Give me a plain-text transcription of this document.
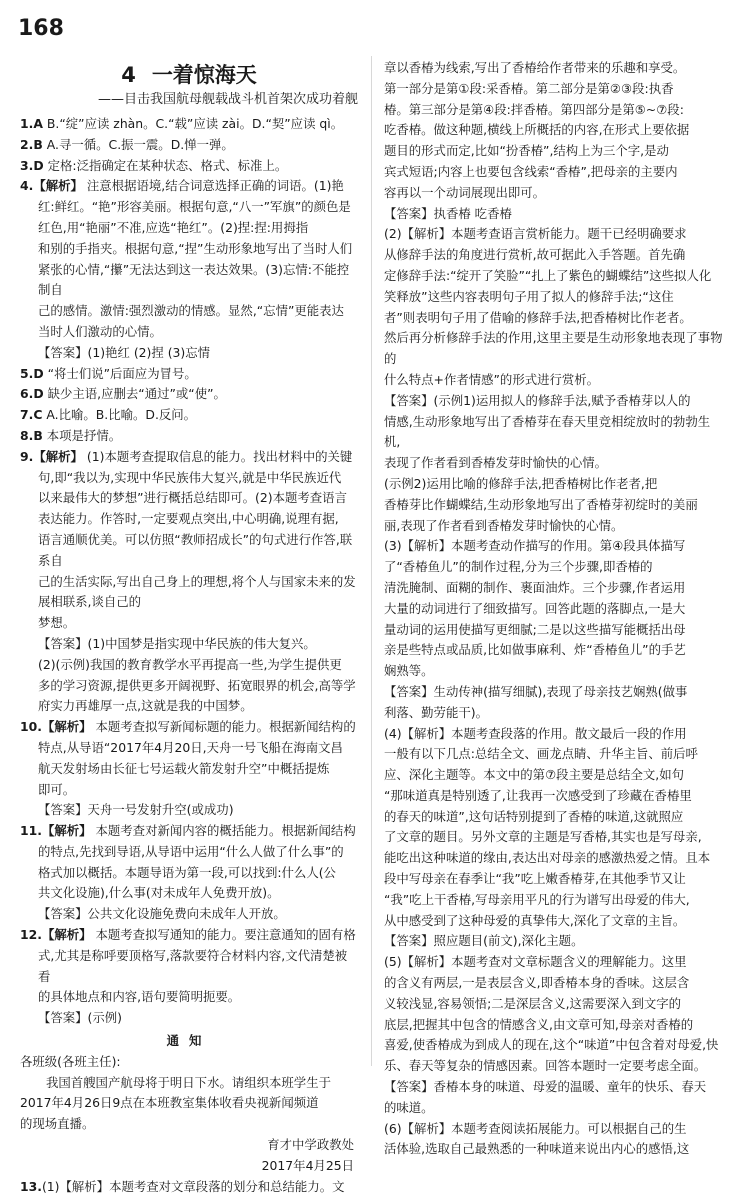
168
4 一着惊海天
——目击我国航母舰载战斗机首架次成功着舰
1.A B.“绽”应读 zhàn。C.“载”应读 zài。D.“契”应读 qì。
2.B A.寻一循。C.振一震。D.惮一弹。
3.D 定格:泛指确定在某种状态、格式、标准上。
4.【解析】 注意根据语境,结合词意选择正确的词语。(1)艳
红:鲜红。“艳”形容美丽。根据句意,“八一”军旗”的颜色是
红色,用“艳丽”不准,应选“艳红”。(2)捏:捏:用拇指
和别的手指夹。根据句意,“捏”生动形象地写出了当时人们
紧张的心情,“攥”无法达到这一表达效果。(3)忘情:不能控制自
己的感情。激情:强烈激动的情感。显然,“忘情”更能表达
当时人们激动的心情。
【答案】(1)艳红 (2)捏 (3)忘情
5.D “将士们说”后面应为冒号。
6.D 缺少主语,应删去“通过”或“使”。
7.C A.比喻。B.比喻。D.反问。
8.B 本项是抒情。
9.【解析】 (1)本题考查提取信息的能力。找出材料中的关键
句,即“我以为,实现中华民族伟大复兴,就是中华民族近代
以来最伟大的梦想”进行概括总结即可。(2)本题考查语言
表达能力。作答时,一定要观点突出,中心明确,说理有据,
语言通顺优美。可以仿照“教师招成长”的句式进行作答,联系自
己的生活实际,写出自己身上的理想,将个人与国家未来的发展相联系,谈自己的
梦想。
【答案】(1)中国梦是指实现中华民族的伟大复兴。
(2)(示例)我国的教育教学水平再提高一些,为学生提供更
多的学习资源,提供更多开阔视野、拓宽眼界的机会,高等学
府实力再雄厚一点,这就是我的中国梦。
10.【解析】 本题考查拟写新闻标题的能力。根据新闻结构的
特点,从导语“2017年4月20日,天舟一号飞船在海南文昌
航天发射场由长征七号运载火箭发射升空”中概括提炼
即可。
【答案】天舟一号发射升空(或成功)
11.【解析】 本题考查对新闻内容的概括能力。根据新闻结构
的特点,先找到导语,从导语中运用“什么人做了什么事”的
格式加以概括。本题导语为第一段,可以找到:什么人(公
共文化设施),什么事(对未成年人免费开放)。
【答案】公共文化设施免费向未成年人开放。
12.【解析】 本题考查拟写通知的能力。要注意通知的固有格
式,尤其是称呼要顶格写,落款要符合材料内容,文代清楚被看
的具体地点和内容,语句要简明扼要。
【答案】(示例)
通知
各班级(各班主任):
我国首艘国产航母将于明日下水。请组织本班学生于
2017年4月26日9点在本班教室集体收看央视新闻频道
的现场直播。
育才中学政教处
2017年4月25日
13.(1)【解析】本题考查对文章段落的划分和总结能力。文
章以香椿为线索,写出了香椿给作者带来的乐趣和享受。
第一部分是第①段:采香椿。第二部分是第②③段:执香
椿。第三部分是第④段:拌香椿。第四部分是第⑤~⑦段:
吃香椿。做这种题,横线上所概括的内容,在形式上要依据
题目的形式而定,比如“扮香椿”,结构上为三个字,是动
宾式短语;内容上也要包含线索“香椿”,把母亲的主要内
容再以一个动词展现出即可。
【答案】执香椿 吃香椿
(2)【解析】本题考查语言赏析能力。题干已经明确要求
从修辞手法的角度进行赏析,故可据此入手答题。首先确
定修辞手法:“绽开了笑脸”“扎上了紫色的蝴蝶结”这些拟人化
笑释放”这些内容表明句子用了拟人的修辞手法;“这住
者”则表明句子用了借喻的修辞手法,把香椿树比作老者。
然后再分析修辞手法的作用,这里主要是生动形象地表现了事物的
什么特点+作者情感”的形式进行赏析。
【答案】(示例1)运用拟人的修辞手法,赋予香椿芽以人的
情感,生动形象地写出了香椿芽在春天里竞相绽放时的勃勃生机,
表现了作者看到香椿发芽时愉快的心情。
(示例2)运用比喻的修辞手法,把香椿树比作老者,把
香椿芽比作蝴蝶结,生动形象地写出了香椿芽初绽时的美丽
丽,表现了作者看到香椿发芽时愉快的心情。
(3)【解析】本题考查动作描写的作用。第④段具体描写
了“香椿鱼儿”的制作过程,分为三个步骤,即香椿的
清洗腌制、面糊的制作、裹面油炸。三个步骤,作者运用
大量的动词进行了细致描写。回答此题的落脚点,一是大
量动词的运用使描写更细腻;二是以这些描写能概括出母
亲是些特点或品质,比如做事麻利、炸“香椿鱼儿”的手艺
娴熟等。
【答案】生动传神(描写细腻),表现了母亲技艺娴熟(做事
利落、勤劳能干)。
(4)【解析】本题考查段落的作用。散文最后一段的作用
一般有以下几点:总结全文、画龙点睛、升华主旨、前后呼
应、深化主题等。本文中的第⑦段主要是总结全文,如句
“那味道真是特别透了,让我再一次感受到了珍藏在香椿里
的春天的味道”,这句话特别提到了香椿的味道,这就照应
了文章的题目。另外文章的主题是写香椿,其实也是写母亲,
能吃出这种味道的缘由,表达出对母亲的感激热爱之情。且本
段中写母亲在春季让“我”吃上嫩香椿芽,在其他季节又让
“我”吃上干香椿,写母亲用平凡的行为谱写出母爱的伟大,
从中感受到了这种母爱的真挚伟大,深化了文章的主旨。
【答案】照应题目(前文),深化主题。
(5)【解析】本题考查对文章标题含义的理解能力。这里
的含义有两层,一是表层含义,即香椿本身的香味。这层含
义较浅显,容易领悟;二是深层含义,这需要深入到文字的
底层,把握其中包含的情感含义,由文章可知,母亲对香椿的
喜爱,使香椿成为到成人的现在,这个“味道”中包含着对母爱,快
乐、春天等复杂的情感因素。回答本题时一定要考虑全面。
【答案】香椿本身的味道、母爱的温暖、童年的快乐、春天
的味道。
(6)【解析】本题考查阅读拓展能力。可以根据自己的生
活体验,选取自己最熟悉的一种味道来说出内心的感悟,这
